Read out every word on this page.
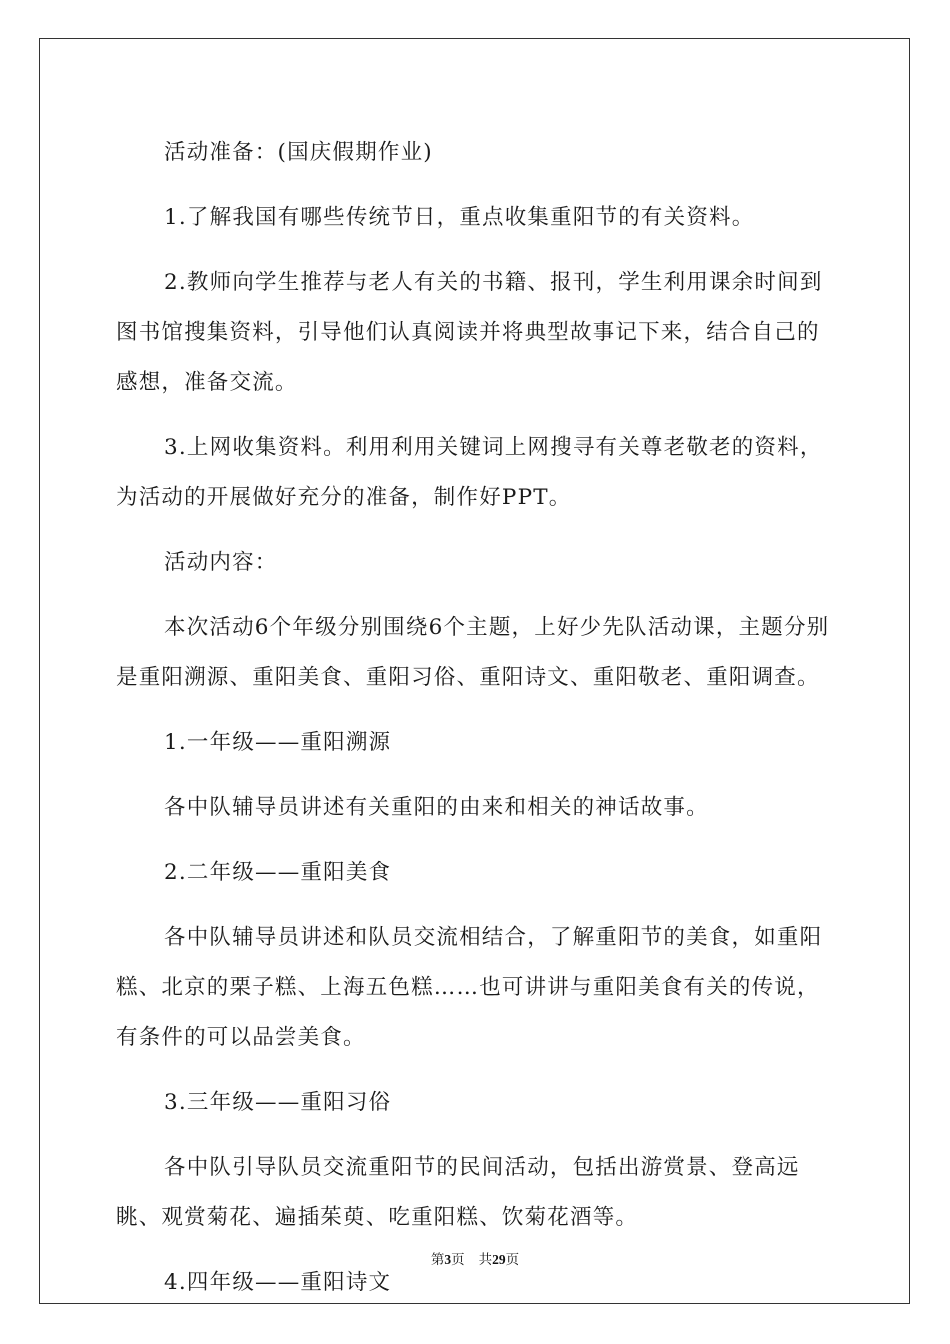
活动准备：(国庆假期作业)

1.了解我国有哪些传统节日，重点收集重阳节的有关资料。

2.教师向学生推荐与老人有关的书籍、报刊，学生利用课余时间到图书馆搜集资料，引导他们认真阅读并将典型故事记下来，结合自己的感想，准备交流。

3.上网收集资料。利用利用关键词上网搜寻有关尊老敬老的资料，为活动的开展做好充分的准备，制作好PPT。

活动内容：

本次活动6个年级分别围绕6个主题，上好少先队活动课，主题分别是重阳溯源、重阳美食、重阳习俗、重阳诗文、重阳敬老、重阳调查。

1.一年级——重阳溯源

各中队辅导员讲述有关重阳的由来和相关的神话故事。

2.二年级——重阳美食

各中队辅导员讲述和队员交流相结合，了解重阳节的美食，如重阳糕、北京的栗子糕、上海五色糕……也可讲讲与重阳美食有关的传说，有条件的可以品尝美食。

3.三年级——重阳习俗

各中队引导队员交流重阳节的民间活动，包括出游赏景、登高远眺、观赏菊花、遍插茱萸、吃重阳糕、饮菊花酒等。

4.四年级——重阳诗文

第3页 共29页
